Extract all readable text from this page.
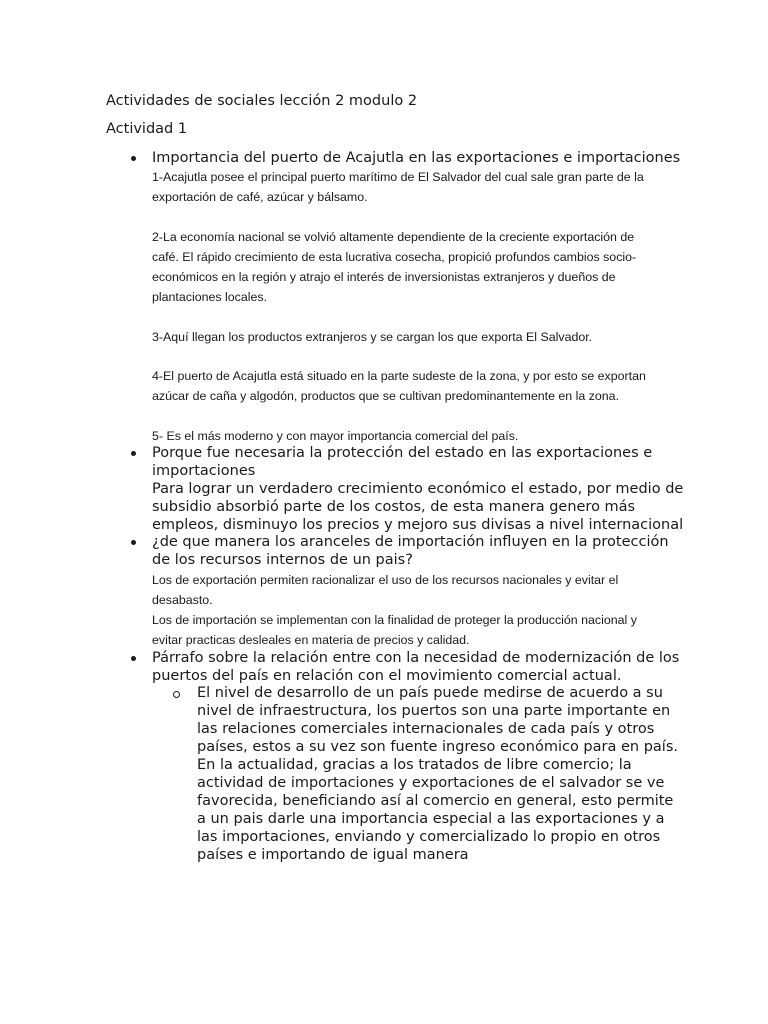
Actividades de sociales lección 2 modulo 2

Actividad 1

Importancia del puerto de Acajutla en las exportaciones e importaciones

1-Acajutla posee el principal puerto marítimo de El Salvador del cual sale gran parte de la

exportación de café, azúcar y bálsamo.

2-La economía nacional se volvió altamente dependiente de la creciente exportación de

café. El rápido crecimiento de esta lucrativa cosecha, propició profundos cambios socio-

económicos en la región y atrajo el interés de inversionistas extranjeros y dueños de

plantaciones locales.

3-Aquí llegan los productos extranjeros y se cargan los que exporta El Salvador.

4-El puerto de Acajutla está situado en la parte sudeste de la zona, y por esto se exportan

azúcar de caña y algodón, productos que se cultivan predominantemente en la zona.

5- Es el más moderno y con mayor importancia comercial del país.

Porque fue necesaria la protección del estado en las exportaciones e

importaciones

Para lograr un verdadero crecimiento económico el estado, por medio de

subsidio absorbió parte de los costos, de esta manera genero más

empleos, disminuyo los precios y mejoro sus divisas a nivel internacional

¿de que manera los aranceles de importación influyen en la protección

de los recursos internos de un pais?

Los de exportación permiten racionalizar el uso de los recursos nacionales y evitar el

desabasto.

Los de importación se implementan con la finalidad de proteger la producción nacional y

evitar practicas desleales en materia de precios y calidad.

Párrafo sobre la relación entre con la necesidad de modernización de los

puertos del país en relación con el movimiento comercial actual.

El nivel de desarrollo de un país puede medirse de acuerdo a su

nivel de infraestructura, los puertos son una parte importante en

las relaciones comerciales internacionales de cada país y otros

países, estos a su vez son fuente ingreso económico para en país.

En la actualidad, gracias a los tratados de libre comercio; la

actividad de importaciones y exportaciones de el salvador se ve

favorecida, beneficiando así al comercio en general, esto permite

a un pais darle una importancia especial a las exportaciones y a

las importaciones, enviando y comercializado lo propio en otros

países e importando de igual manera
